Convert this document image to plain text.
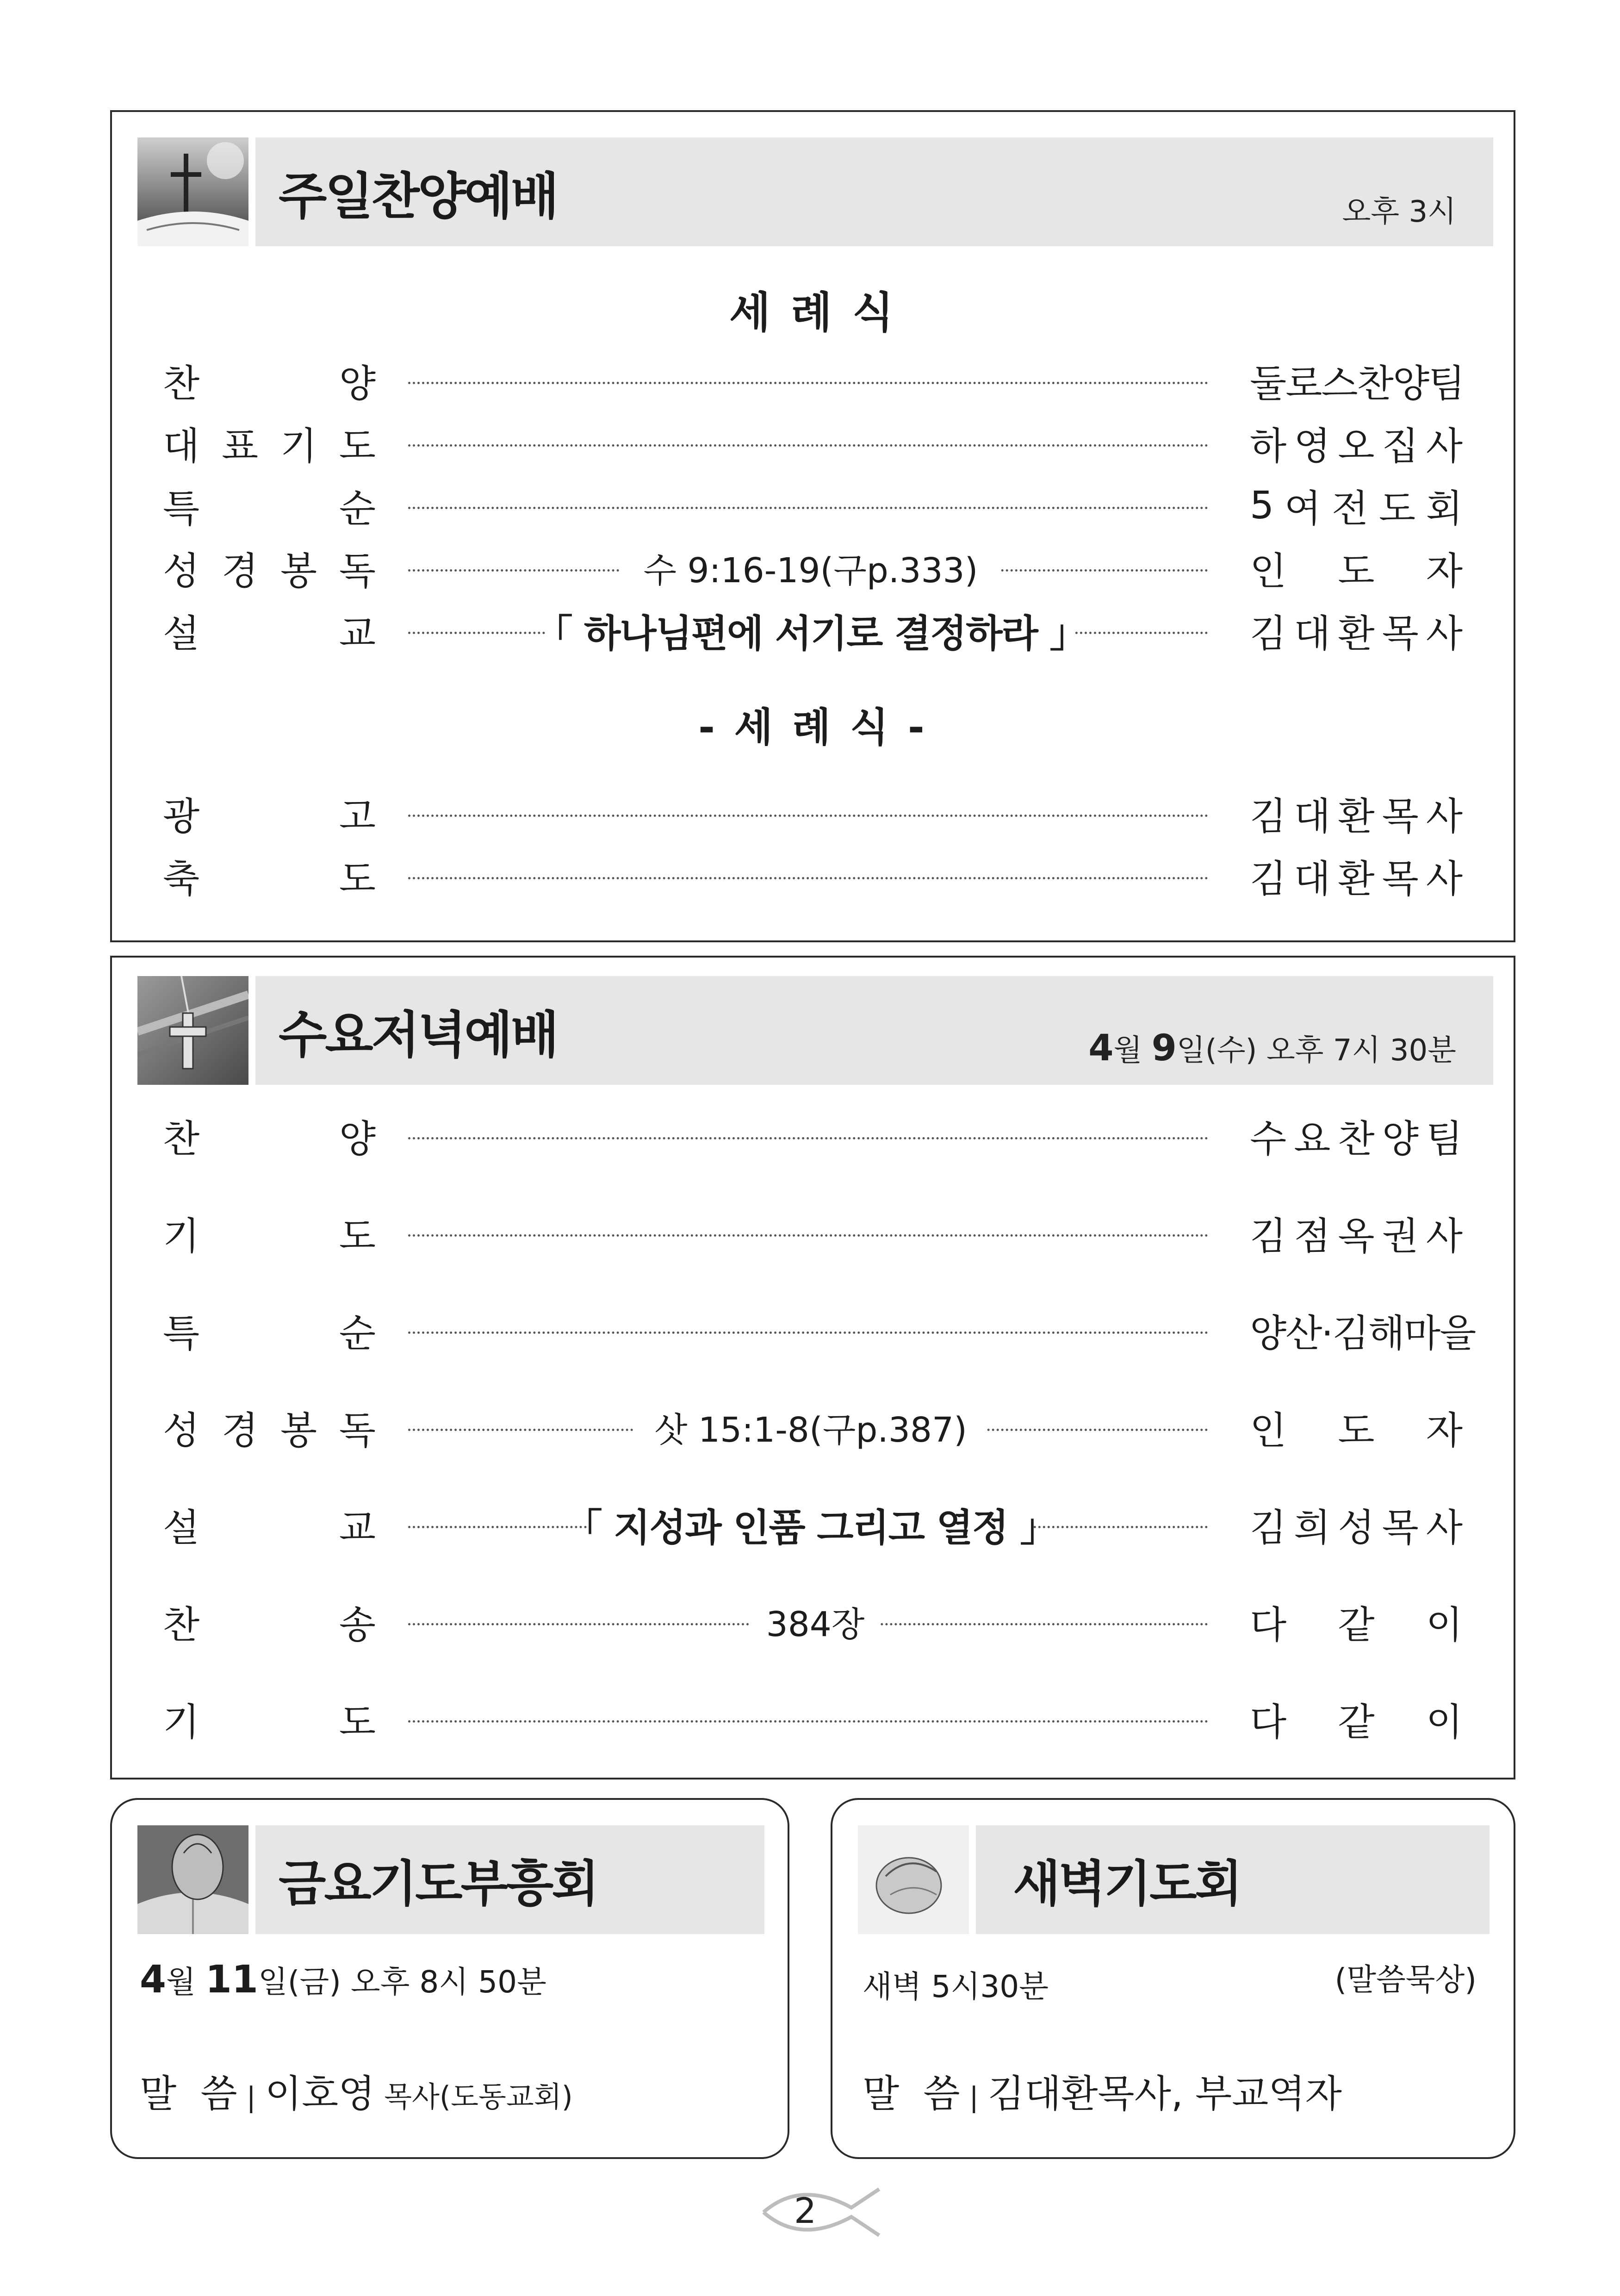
주일찬양예배	오후 3시
세 례 식
찬	양	둘로스찬양팀
대 표 기 도	하 영 오 집 사
특	순	5 여 전 도 회
성 경 봉 독	수 9:16-19(구p.333)	인 도 자
설	교	「 하나님편에 서기로 결정하라 」	김 대 환 목 사
- 세 례 식 -
광	고	김 대 환 목 사
축	도	김 대 환 목 사
수요저녁예배	4월 9일(수) 오후 7시 30분
찬	양	수 요 찬 양 팀
기	도	김 점 옥 권 사
특	순	양산·김해마을
성 경 봉 독	삿 15:1-8(구p.387)	인 도 자
설	교	「 지성과 인품 그리고 열정 」	김 희 성 목 사
찬	송	384장	다 같 이
기	도	다 같 이
금요기도부흥회
4월 11일(금) 오후 8시 50분
말  씀 | 이호영 목사(도동교회)
새벽기도회
새벽 5시30분	(말씀묵상)
말  씀 | 김대환목사, 부교역자
2
